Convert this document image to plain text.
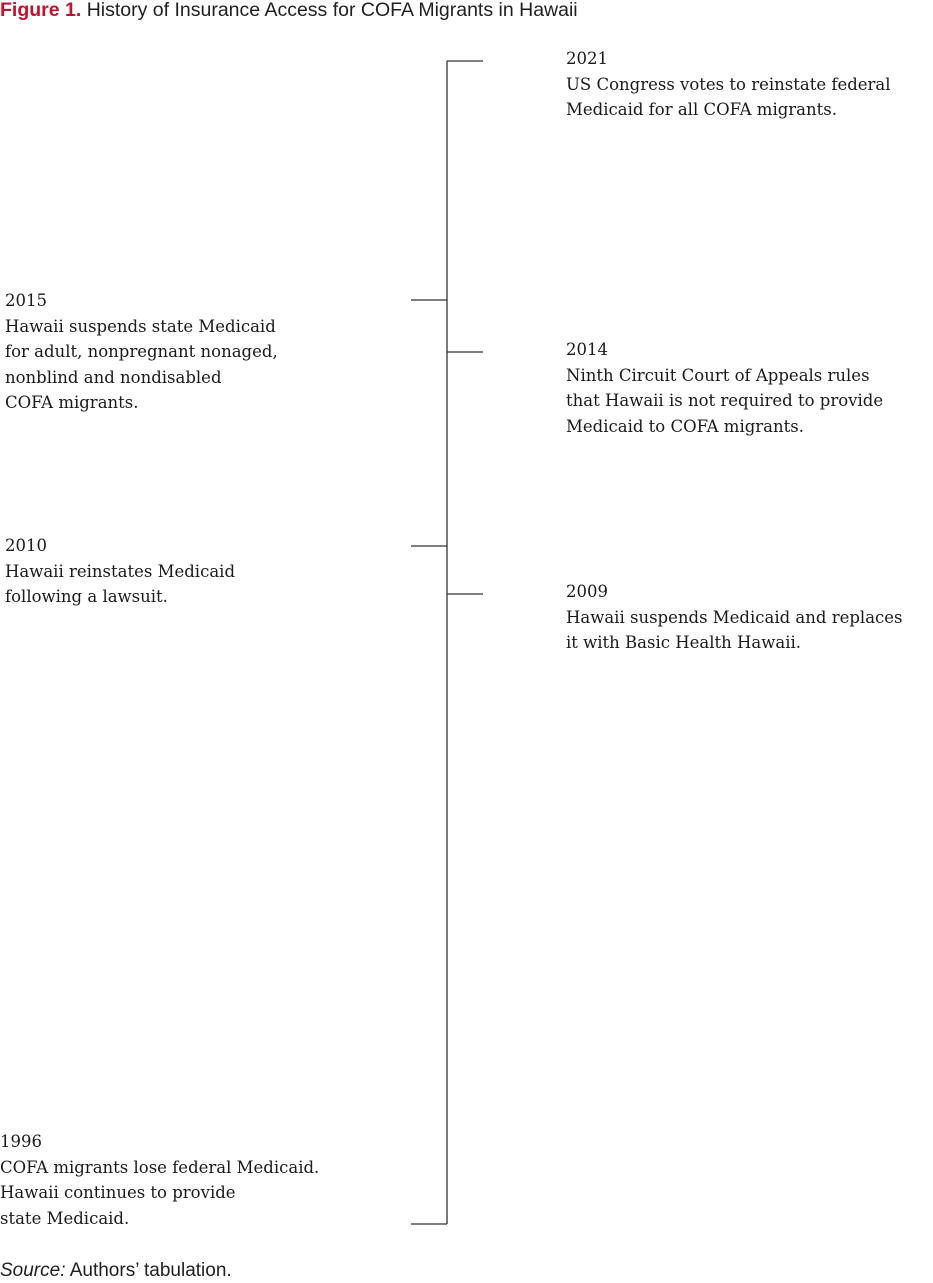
Figure 1. History of Insurance Access for COFA Migrants in Hawaii
2021
US Congress votes to reinstate federal
Medicaid for all COFA migrants.
2015
Hawaii suspends state Medicaid
for adult, nonpregnant nonaged,
nonblind and nondisabled
COFA migrants.
2014
Ninth Circuit Court of Appeals rules
that Hawaii is not required to provide
Medicaid to COFA migrants.
2010
Hawaii reinstates Medicaid
following a lawsuit.	2009
Hawaii suspends Medicaid and replaces
it with Basic Health Hawaii.
1996
COFA migrants lose federal Medicaid.
Hawaii continues to provide
state Medicaid.
Source: Authors’ tabulation.
